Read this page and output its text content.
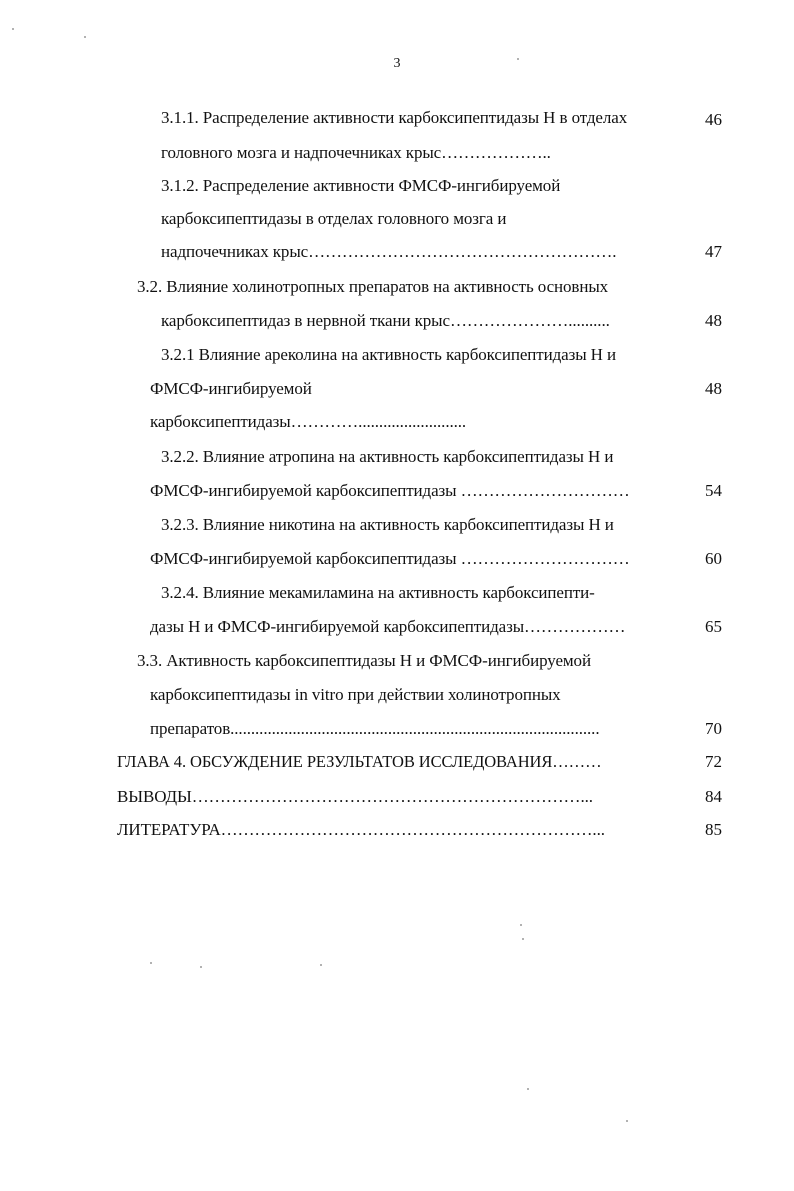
3
3.1.1. Распределение активности карбоксипептидазы Н в отделах	46
головного мозга и надпочечниках крыс………………..
3.1.2. Распределение активности ФМСФ-ингибируемой
карбоксипептидазы в отделах головного мозга и
надпочечниках крыс……………………………………………….	47
3.2. Влияние холинотропных препаратов на активность основных
карбоксипептидаз в нервной ткани крыс…………………..........	48
3.2.1 Влияние ареколина на активность карбоксипептидазы Н и
ФМСФ-ингибируемой	48
карбоксипептидазы…………..........................
3.2.2. Влияние атропина на активность карбоксипептидазы Н и
ФМСФ-ингибируемой карбоксипептидазы …………………………	54
3.2.3. Влияние никотина на активность карбоксипептидазы Н и
ФМСФ-ингибируемой карбоксипептидазы …………………………	60
3.2.4. Влияние мекамиламина на активность карбоксипепти-
дазы Н и ФМСФ-ингибируемой карбоксипептидазы………………	65
3.3. Активность карбоксипептидазы Н и ФМСФ-ингибируемой
карбоксипептидазы in vitro при действии холинотропных
препаратов.........................................................................................	70
ГЛАВА 4. ОБСУЖДЕНИЕ РЕЗУЛЬТАТОВ ИССЛЕДОВАНИЯ………	72
ВЫВОДЫ……………………………………………………………...	84
ЛИТЕРАТУРА…………………………………………………………...	85
